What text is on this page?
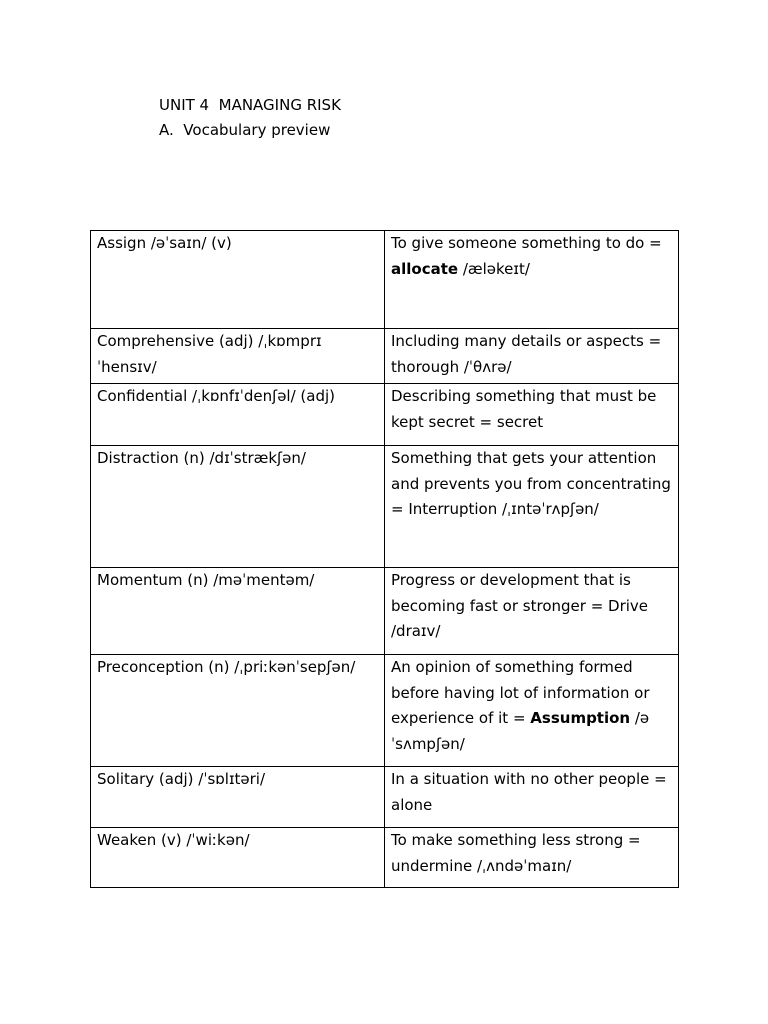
UNIT 4  MANAGING RISK
A.  Vocabulary preview
Assign /əˈsaɪn/ (v)	To give someone something to do = allocate /æləkeɪt/
Comprehensive (adj) /ˌkɒmprɪˈhensɪv/	Including many details or aspects = thorough /ˈθʌrə/
Confidential /ˌkɒnfɪˈdenʃəl/ (adj)	Describing something that must be kept secret = secret
Distraction (n) /dɪˈstrækʃən/	Something that gets your attention and prevents you from concentrating = Interruption /ˌɪntəˈrʌpʃən/
Momentum (n) /məˈmentəm/	Progress or development that is becoming fast or stronger = Drive /draɪv/
Preconception (n) /ˌpriːkənˈsepʃən/	An opinion of something formed before having lot of information or experience of it = Assumption /ə ˈsʌmpʃən/
Solitary (adj) /ˈsɒlɪtəri/	In a situation with no other people = alone
Weaken (v) /ˈwiːkən/	To make something less strong = undermine /ˌʌndəˈmaɪn/
